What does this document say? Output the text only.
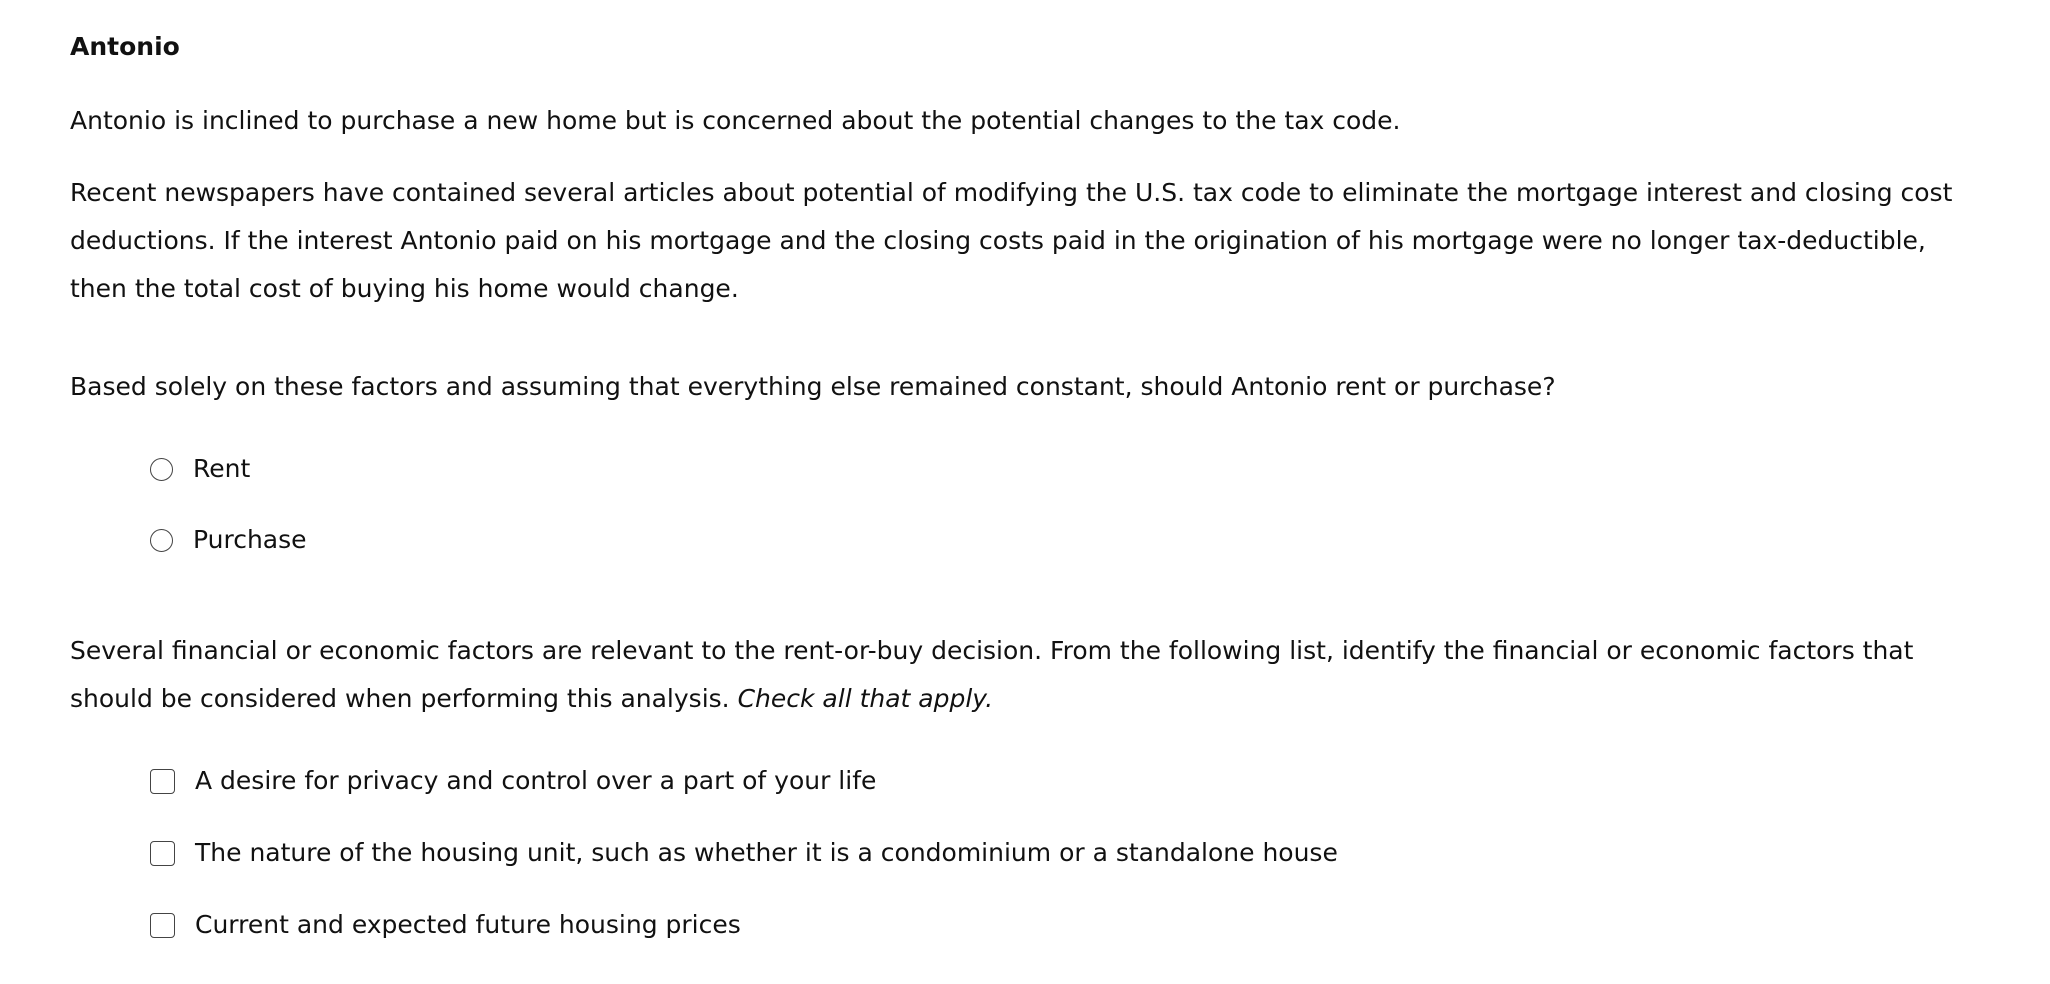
Antonio

Antonio is inclined to purchase a new home but is concerned about the potential changes to the tax code.

Recent newspapers have contained several articles about potential of modifying the U.S. tax code to eliminate the mortgage interest and closing cost deductions. If the interest Antonio paid on his mortgage and the closing costs paid in the origination of his mortgage were no longer tax-deductible, then the total cost of buying his home would change.

Based solely on these factors and assuming that everything else remained constant, should Antonio rent or purchase?

Rent
Purchase

Several financial or economic factors are relevant to the rent-or-buy decision. From the following list, identify the financial or economic factors that should be considered when performing this analysis. Check all that apply.

A desire for privacy and control over a part of your life
The nature of the housing unit, such as whether it is a condominium or a standalone house
Current and expected future housing prices
